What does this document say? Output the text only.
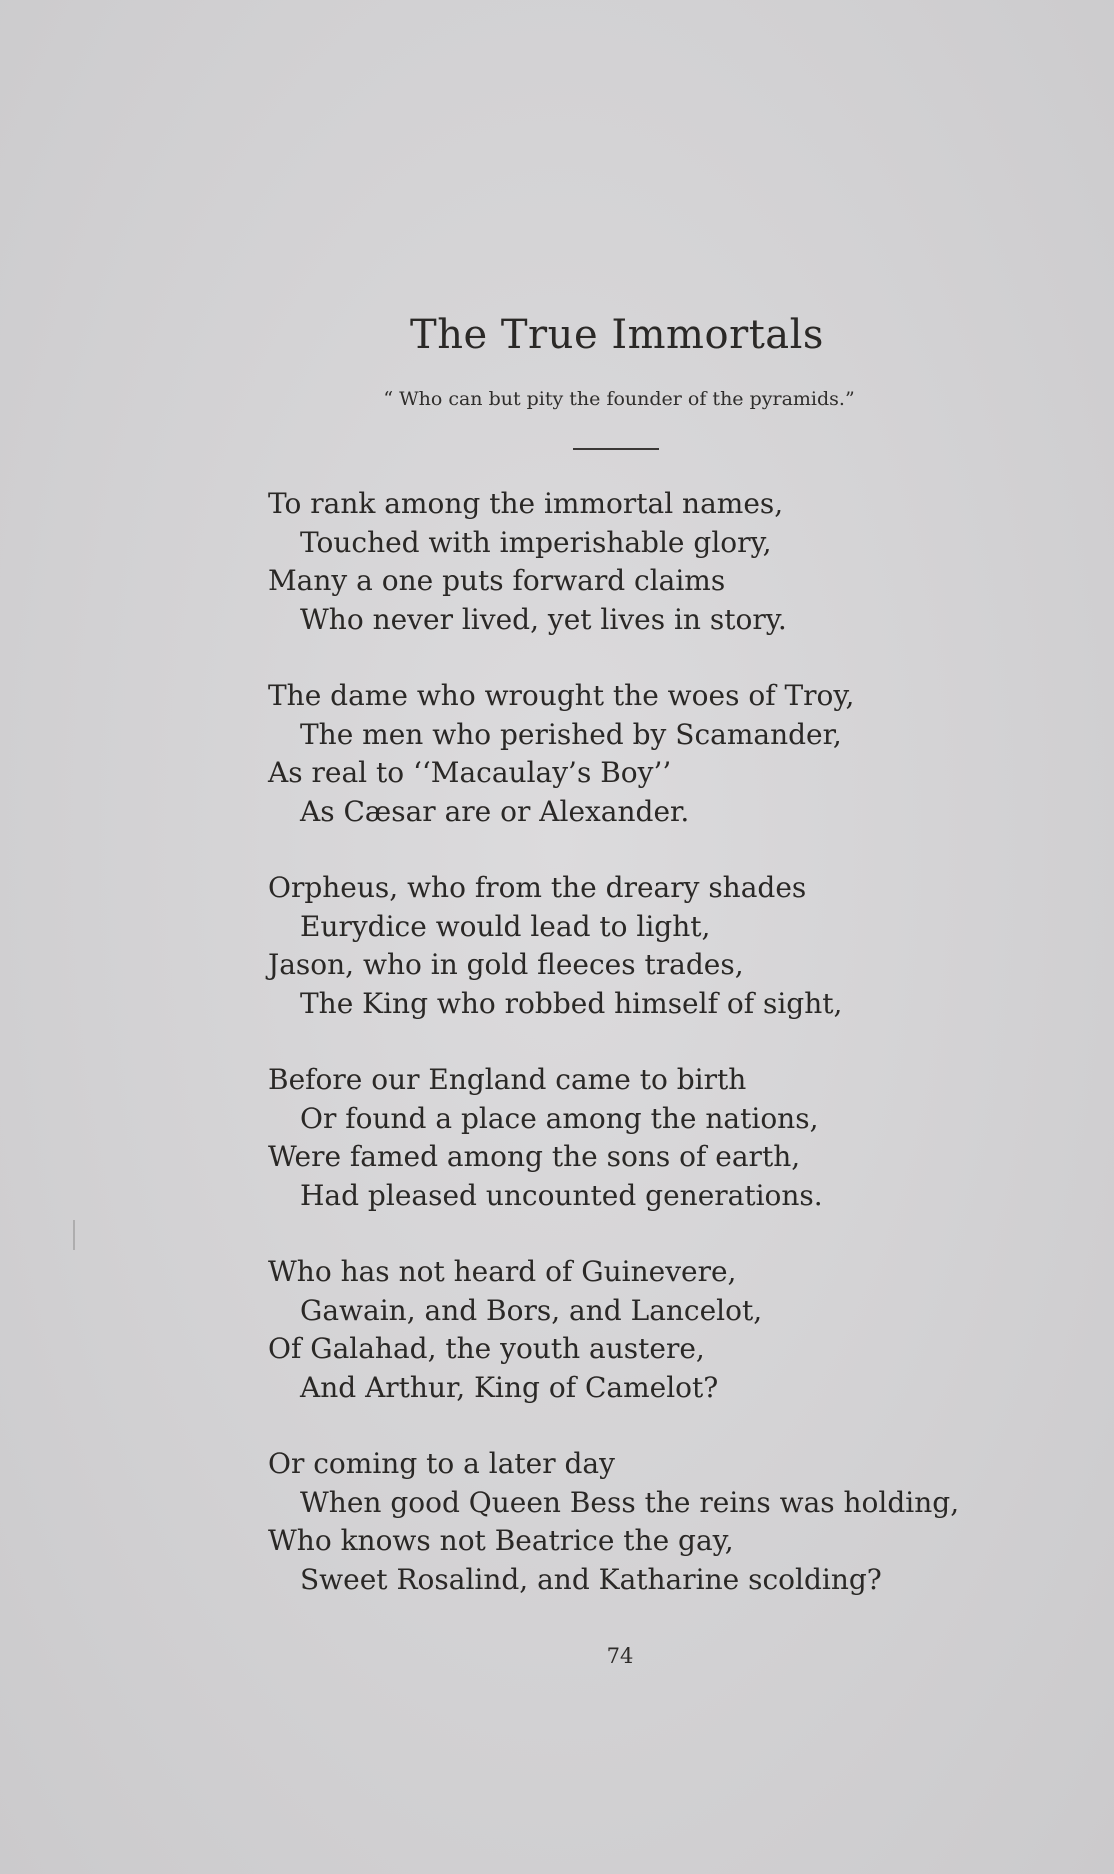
The True Immortals
“ Who can but pity the founder of the pyramids.”
To rank among the immortal names,
Touched with imperishable glory,
Many a one puts forward claims
Who never lived, yet lives in story.
The dame who wrought the woes of Troy,
The men who perished by Scamander,
As real to ‘‘Macaulay’s Boy’’
As Cæsar are or Alexander.
Orpheus, who from the dreary shades
Eurydice would lead to light,
Jason, who in gold fleeces trades,
The King who robbed himself of sight,
Before our England came to birth
Or found a place among the nations,
Were famed among the sons of earth,
Had pleased uncounted generations.
Who has not heard of Guinevere,
Gawain, and Bors, and Lancelot,
Of Galahad, the youth austere,
And Arthur, King of Camelot?
Or coming to a later day
When good Queen Bess the reins was holding,
Who knows not Beatrice the gay,
Sweet Rosalind, and Katharine scolding?
74
